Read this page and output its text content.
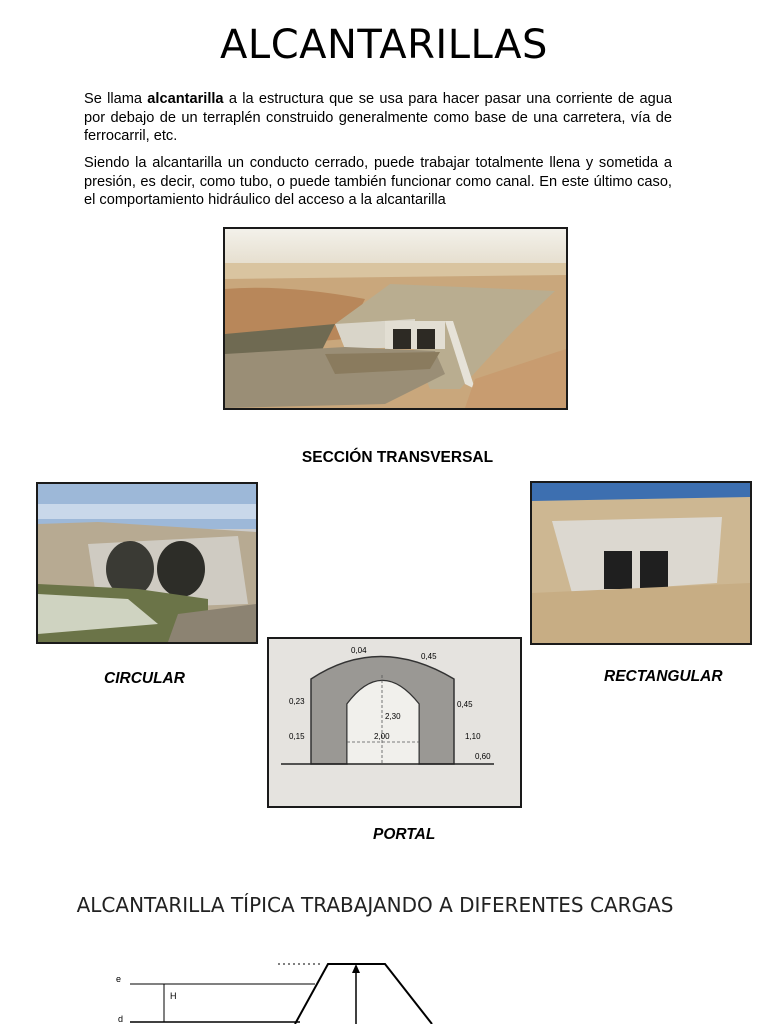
ALCANTARILLAS
Se llama alcantarilla a la estructura que se usa para hacer pasar una corriente de agua por debajo de un terraplén construido generalmente como base de una carretera, vía de ferrocarril, etc.
Siendo la alcantarilla un conducto cerrado, puede trabajar totalmente llena y sometida a presión, es decir, como tubo, o puede también funcionar como canal. En este último caso, el comportamiento hidráulico del acceso a la alcantarilla
SECCIÓN TRANSVERSAL
CIRCULAR	RECTANGULAR
0,04
0,45
0,23
0,15
2,30
0,45
1,10
0,60
2,00
PORTAL
ALCANTARILLA TÍPICA TRABAJANDO A DIFERENTES CARGAS
e
H
d
